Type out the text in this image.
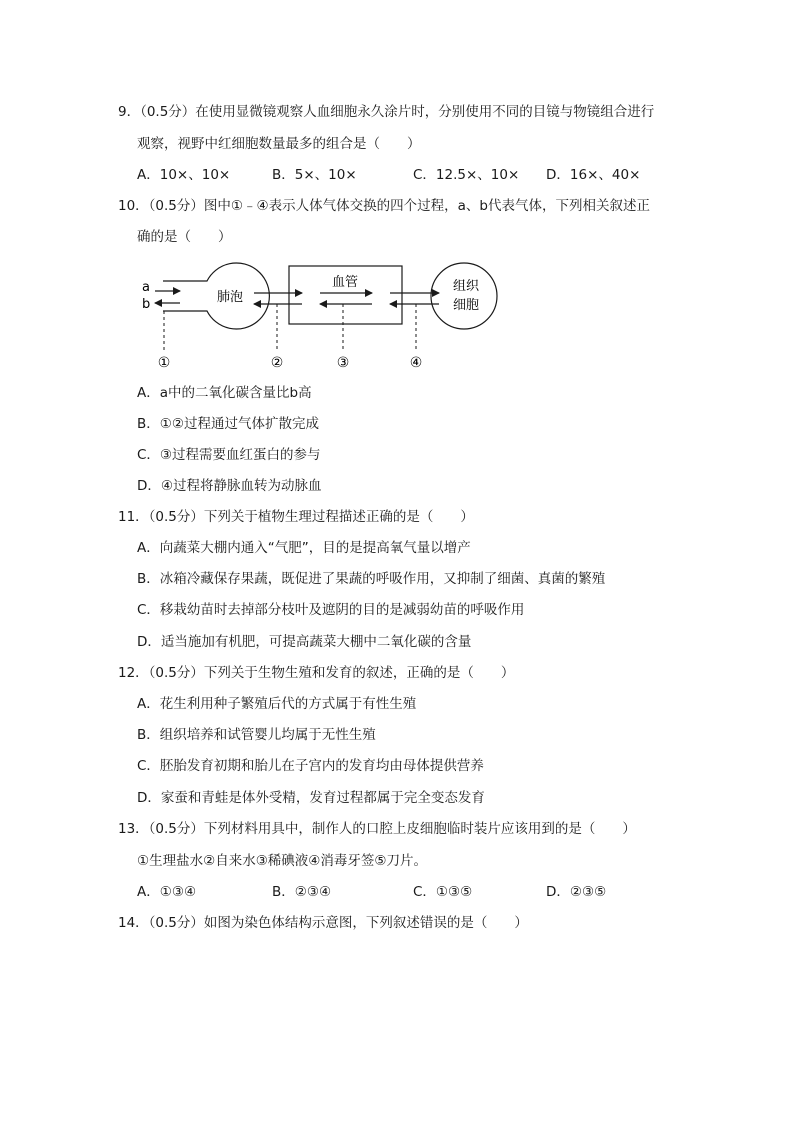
9．（0.5分）在使用显微镜观察人血细胞永久涂片时，分别使用不同的目镜与物镜组合进行
观察，视野中红细胞数量最多的组合是（　　）
A．10×、10×	B．5×、10×	C．12.5×、10× D．16×、40×
10．（0.5分）图中①﹣④表示人体气体交换的四个过程，a、b代表气体，下列相关叙述正
确的是（　　）
a
b	肺泡
血管	组织
细胞
①	②	③	④
A．a中的二氧化碳含量比b高
B．①②过程通过气体扩散完成
C．③过程需要血红蛋白的参与
D．④过程将静脉血转为动脉血
11．（0.5分）下列关于植物生理过程描述正确的是（　　）
A．向蔬菜大棚内通入“气肥”，目的是提高氧气量以增产
B．冰箱冷藏保存果蔬，既促进了果蔬的呼吸作用，又抑制了细菌、真菌的繁殖
C．移栽幼苗时去掉部分枝叶及遮阴的目的是减弱幼苗的呼吸作用
D．适当施加有机肥，可提高蔬菜大棚中二氧化碳的含量
12．（0.5分）下列关于生物生殖和发育的叙述，正确的是（　　）
A．花生利用种子繁殖后代的方式属于有性生殖
B．组织培养和试管婴儿均属于无性生殖
C．胚胎发育初期和胎儿在子宫内的发育均由母体提供营养
D．家蚕和青蛙是体外受精，发育过程都属于完全变态发育
13．（0.5分）下列材料用具中，制作人的口腔上皮细胞临时装片应该用到的是（　　）
①生理盐水②自来水③稀碘液④消毒牙签⑤刀片。
A．①③④	B．②③④	C．①③⑤	D．②③⑤
14．（0.5分）如图为染色体结构示意图，下列叙述错误的是（　　）
